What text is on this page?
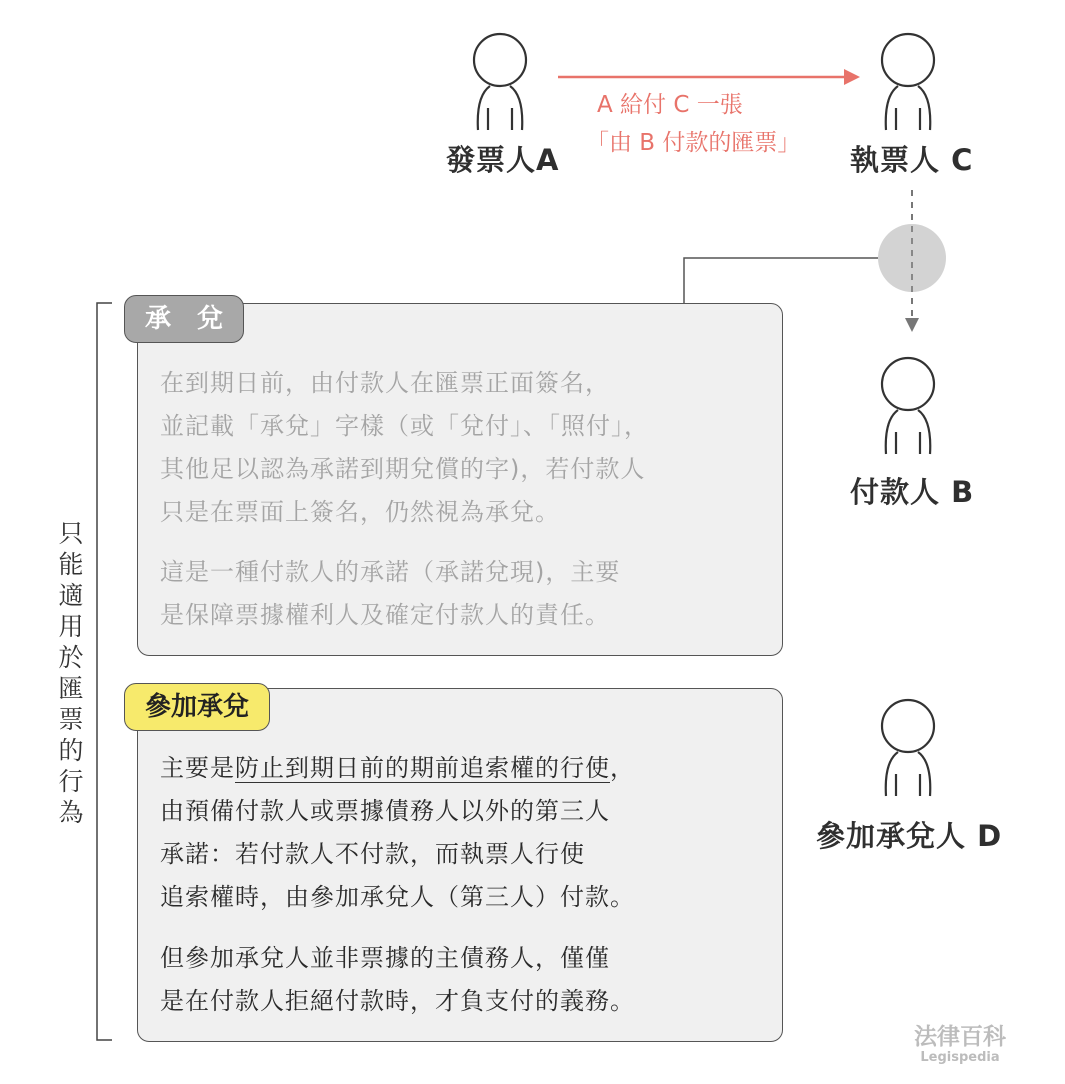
發票人A	執票人 C
付款人 B
參加承兌人 D
A 給付 C 一張
「由 B 付款的匯票」
承　兌
在到期日前，由付款人在匯票正面簽名，
並記載「承兌」字樣（或「兌付」、「照付」，
其他足以認為承諾到期兌償的字)，若付款人
只是在票面上簽名，仍然視為承兌。
這是一種付款人的承諾（承諾兌現)，主要
是保障票據權利人及確定付款人的責任。
參加承兌
主要是防止到期日前的期前追索權的行使，
由預備付款人或票據債務人以外的第三人
承諾：若付款人不付款，而執票人行使
追索權時，由參加承兌人（第三人）付款。
但參加承兌人並非票據的主債務人，僅僅
是在付款人拒絕付款時，才負支付的義務。
只能適用於匯票的行為
法律百科
Legispedia
